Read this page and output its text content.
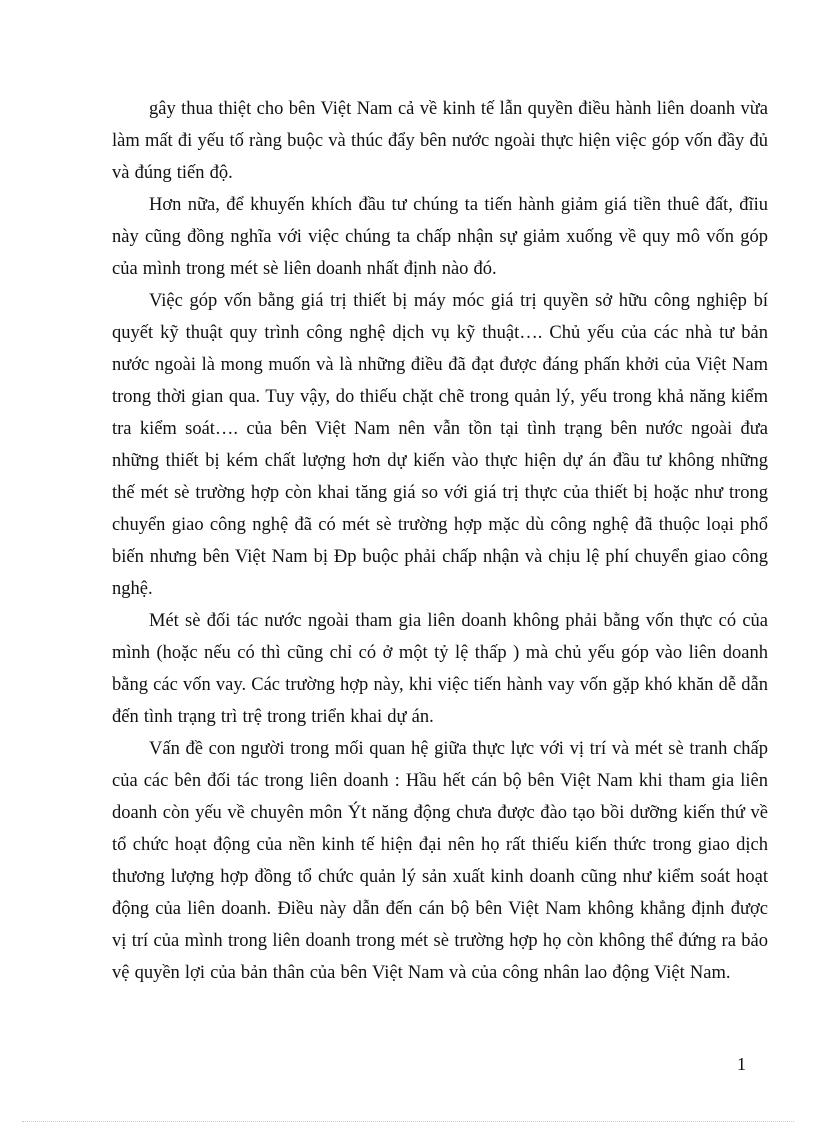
gây thua thiệt cho bên Việt Nam cả về kinh tế lẫn quyền điều hành liên doanh vừa làm mất đi yếu tố ràng buộc và thúc đẩy bên nước ngoài thực hiện việc góp vốn đầy đủ và đúng tiến độ.

Hơn nữa, để khuyến khích đầu tư chúng ta tiến hành giảm giá tiền thuê đất, đĩiu này cũng đồng nghĩa với việc chúng ta chấp nhận sự giảm xuống về quy mô vốn góp của mình trong mét sè liên doanh nhất định nào đó.

Việc góp vốn bằng giá trị thiết bị máy móc giá trị quyền sở hữu công nghiệp bí quyết kỹ thuật quy trình công nghệ dịch vụ kỹ thuật…. Chủ yếu của các nhà tư bản nước ngoài là mong muốn và là những điều đã đạt được đáng phấn khởi của Việt Nam trong thời gian qua. Tuy vậy, do thiếu chặt chẽ trong quản lý, yếu trong khả năng kiểm tra kiểm soát…. của bên Việt Nam nên vẫn tồn tại tình trạng bên nước ngoài đưa những thiết bị kém chất lượng hơn dự kiến vào thực hiện dự án đầu tư không những thế mét sè trường hợp còn khai tăng giá so với giá trị thực của thiết bị hoặc như trong chuyển giao công nghệ đã có mét sè trường hợp mặc dù công nghệ đã thuộc loại phổ biến nhưng bên Việt Nam bị Ðp buộc phải chấp nhận và chịu lệ phí chuyển giao công nghệ.

Mét sè đối tác nước ngoài tham gia liên doanh không phải bằng vốn thực có của mình (hoặc nếu có thì cũng chỉ có ở một tỷ lệ thấp ) mà chủ yếu góp vào liên doanh bằng các vốn vay. Các trường hợp này, khi việc tiến hành vay vốn gặp khó khăn dễ dẫn đến tình trạng trì trệ trong triển khai dự án.

Vấn đề con người trong mối quan hệ giữa thực lực với vị trí và mét sè tranh chấp của các bên đối tác trong liên doanh : Hầu hết cán bộ bên Việt Nam khi tham gia liên doanh còn yếu về chuyên môn Ýt năng động chưa được đào tạo bồi dưỡng kiến thứ về tổ chức hoạt động của nền kinh tế hiện đại nên họ rất thiếu kiến thức trong giao dịch thương lượng hợp đồng tổ chức quản lý sản xuất kinh doanh cũng như kiểm soát hoạt động của liên doanh. Điều này dẫn đến cán bộ bên Việt Nam không khẳng định được vị trí của mình trong liên doanh trong mét sè trường hợp họ còn không thể đứng ra bảo vệ quyền lợi của bản thân của bên Việt Nam và của công nhân lao động Việt Nam.

1
